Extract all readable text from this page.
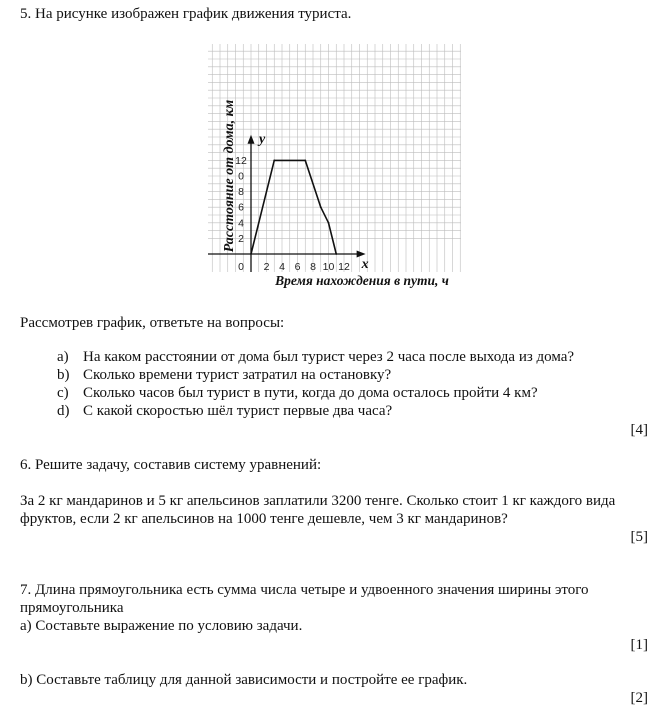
5. На рисунке изображен график движения туриста.
x
y
0 2 4 6 8 10 12
2
4
6
8
0
12
Расстояние от дома, км
Время нахождения в пути, ч
Рассмотрев график, ответьте на вопросы:
a) На каком расстоянии от дома был турист через 2 часа после выхода из дома?
b) Сколько времени турист затратил на остановку?
c) Сколько часов был турист в пути, когда до дома осталось пройти 4 км?
d) С какой скоростью шёл турист первые два часа?
[4]
6. Решите задачу, составив систему уравнений:
За 2 кг мандаринов и 5 кг апельсинов заплатили 3200 тенге. Сколько стоит 1 кг каждого вида
фруктов, если 2 кг апельсинов на 1000 тенге дешевле, чем 3 кг мандаринов?
[5]
7. Длина прямоугольника есть сумма числа четыре и удвоенного значения ширины этого
прямоугольника
а) Составьте выражение по условию задачи.
[1]
b) Составьте таблицу для данной зависимости и постройте ее график.
[2]
